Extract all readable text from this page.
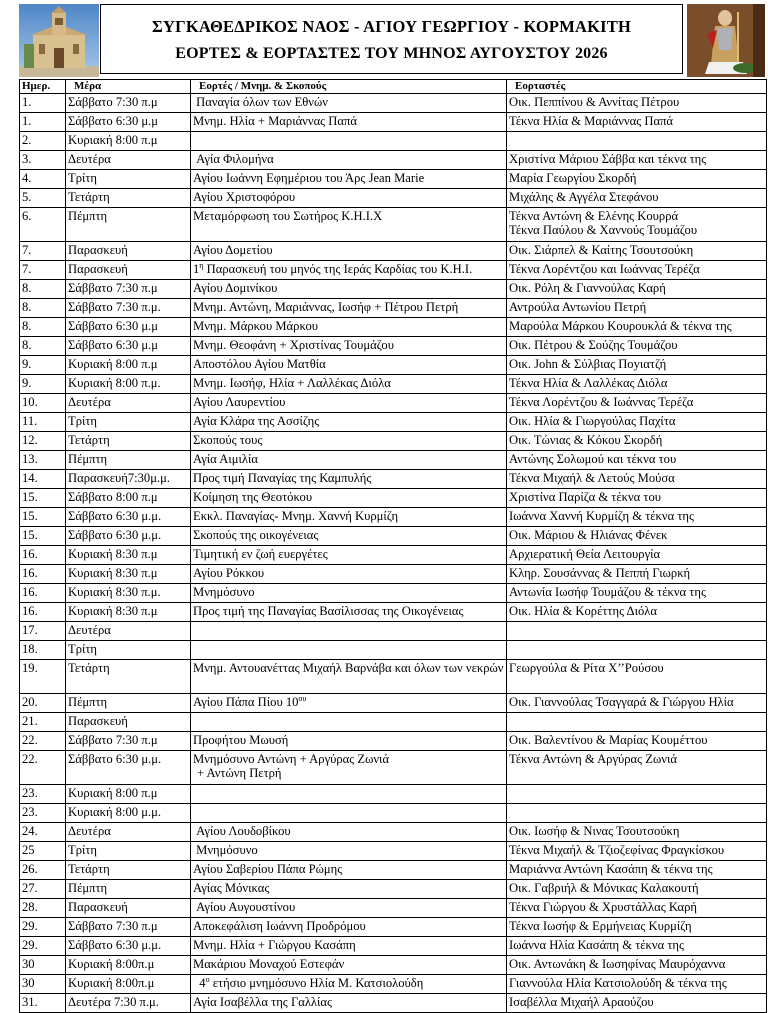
ΣΥΓΚΑΘΕΔΡΙΚΟΣ ΝΑΟΣ - ΑΓΙΟΥ ΓΕΩΡΓΙΟΥ - ΚΟΡΜΑΚΙΤΗ
ΕΟΡΤΕΣ & ΕΟΡΤΑΣΤΕΣ ΤΟΥ ΜΗΝΟΣ ΑΥΓΟΥΣΤΟΥ 2026
Ημερ.	Μέρα	Εορτές / Μνημ. & Σκοπούς	Εορταστές
1.	Σάββατο 7:30 π.μ	Παναγία όλων των Εθνών	Οικ. Πεππίνου & Αννίτας Πέτρου
1.	Σάββατο 6:30 μ.μ	Μνημ. Ηλία + Μαριάννας Παπά	Τέκνα Ηλία & Μαριάννας Παπά
2.	Κυριακή 8:00 π.μ		
3.	Δευτέρα	Αγία Φιλομήνα	Χριστίνα Μάριου Σάββα και τέκνα της
4.	Τρίτη	Αγίου Ιωάννη Εφημέριου του Άρς Jean Marie	Μαρία Γεωργίου Σκορδή
5.	Τετάρτη	Αγίου Χριστοφόρου	Μιχάλης & Αγγέλα Στεφάνου
6.	Πέμπτη	Μεταμόρφωση του Σωτήρος Κ.Η.Ι.Χ	Τέκνα Αντώνη & Ελένης Κουρρά
Τέκνα Παύλου & Χαννούς Τουμάζου

7.	Παρασκευή	Αγίου Δομετίου	Οικ. Σιάρπελ & Καίτης Τσουτσούκη
7.	Παρασκευή	$1^\eta$ Παρασκευή του μηνός της Ιεράς Καρδίας του Κ.Η.Ι.	Τέκνα Λορέντζου και Ιωάννας Τερέζα
8.	Σάββατο 7:30 π.μ	Αγίου Δομινίκου	Οικ. Ρόλη & Γιαννούλας Καρή
8.	Σάββατο 7:30 π.μ.	Μνημ. Αντώνη, Μαριάννας, Ιωσήφ + Πέτρου Πετρή	Αντρούλα Αντωνίου Πετρή
8.	Σάββατο 6:30 μ.μ	Μνημ. Μάρκου Μάρκου	Μαρούλα Μάρκου Κουρουκλά & τέκνα της
8.	Σάββατο 6:30 μ.μ	Μνημ. Θεοφάνη + Χριστίνας Τουμάζου	Οικ. Πέτρου & Σούζης Τουμάζου
9.	Κυριακή 8:00 π.μ	Αποστόλου Αγίου Ματθία	Οικ. John & Σύλβιας Ποyιατζή
9.	Κυριακή 8:00 π.μ.	Μνημ. Ιωσήφ, Ηλία + Λαλλέκας Διόλα	Τέκνα Ηλία & Λαλλέκας Διόλα
10.	Δευτέρα	Αγίου Λαυρεντίου	Τέκνα Λορέντζου & Ιωάννας Τερέζα
11.	Τρίτη	Αγία Κλάρα της Ασσίζης	Οικ. Ηλία & Γιωργούλας Παχίτα
12.	Τετάρτη	Σκοπούς τους	Οικ. Τώνιας & Κόκου Σκορδή
13.	Πέμπτη	Αγία Αιμιλία	Αντώνης Σολωμού και τέκνα του
14.	Παρασκευή7:30μ.μ.	Προς τιμή Παναγίας της Καμπυλής	Τέκνα Μιχαήλ & Λετούς Μούσα
15.	Σάββατο 8:00 π.μ	Κοίμηση της Θεοτόκου	Χριστίνα Παρίζα & τέκνα του
15.	Σάββατο 6:30 μ.μ.	Εκκλ. Παναγίας- Μνημ. Χαννή Κυρμίζη	Ιωάννα Χαννή Κυρμίζη & τέκνα της
15.	Σάββατο 6:30 μ.μ.	Σκοπούς της οικογένειας	Οικ. Μάριου & Ηλιάνας Φένεκ
16.	Κυριακή 8:30 π.μ	Τιμητική εν ζωή ευεργέτες	Αρχιερατική Θεία Λειτουργία
16.	Κυριακή 8:30 π.μ	Αγίου Ρόκκου	Κληρ. Σουσάννας & Πεππή Γιωρκή
16.	Κυριακή 8:30 π.μ.	Μνημόσυνο	Αντωνία Ιωσήφ Τουμάζου & τέκνα της
16.	Κυριακή 8:30 π.μ	Προς τιμή της Παναγίας Βασίλισσας της Οικογένειας	Οικ. Ηλία & Κορέττης Διόλα
17.	Δευτέρα		
18.	Τρίτη		
19.	Τετάρτη	Μνημ. Αντουανέττας Μιχαήλ Βαρνάβα και όλων των νεκρών	Γεωργούλα & Ρίτα Χ’’Ρούσου
20.	Πέμπτη	Αγίου Πάπα Πίου $10^{o\upsilon}$	Οικ. Γιαννούλας Τσαγγαρά & Γιώργου Ηλία
21.	Παρασκευή		
22.	Σάββατο 7:30 π.μ	Προφήτου Μωυσή	Οικ. Βαλεντίνου & Μαρίας Κουμέττου
22.	Σάββατο 6:30 μ.μ.	Μνημόσυνο Αντώνη + Αργύρας Ζωνιά
+ Αντώνη Πετρή	Τέκνα Αντώνη & Αργύρας Ζωνιά
23.	Κυριακή 8:00 π.μ		
23.	Κυριακή 8:00 μ.μ.		
24.	Δευτέρα	Αγίου Λουδοβίκου	Οικ. Ιωσήφ & Νινας Τσουτσούκη
25	Τρίτη	Μνημόσυνο	Τέκνα Μιχαήλ & Τζιοζεφίνας Φραγκίσκου
26.	Τετάρτη	Αγίου Σαβερίου Πάπα Ρώμης	Μαριάννα Αντώνη Κασάπη & τέκνα της
27.	Πέμπτη	Αγίας Μόνικας	Οικ. Γαβριήλ & Μόνικας Καλακουτή
28.	Παρασκευή	Αγίου Αυγουστίνου	Τέκνα Γιώργου & Χρυστάλλας Καρή
29.	Σάββατο 7:30 π.μ	Αποκεφάλιση Ιωάννη Προδρόμου	Τέκνα Ιωσήφ & Ερμήνειας Κυρμίζη
29.	Σάββατο 6:30 μ.μ.	Μνημ. Ηλία + Γιώργου Κασάπη	Ιωάννα Ηλία Κασάπη & τέκνα της
30	Κυριακή 8:00π.μ	Μακάριου Μοναχού Εστεφάν	Οικ. Αντωνάκη & Ιωσηφίνας Μαυρόχαννα
30	Κυριακή 8:00π.μ	$4^o$ ετήσιο μνημόσυνο Ηλία Μ. Κατσιολούδη	Γιαννούλα Ηλία Κατσιολούδη & τέκνα της
31.	Δευτέρα 7:30 π.μ.	Αγία Ισαβέλλα της Γαλλίας	Ισαβέλλα Μιχαήλ Αραούζου
